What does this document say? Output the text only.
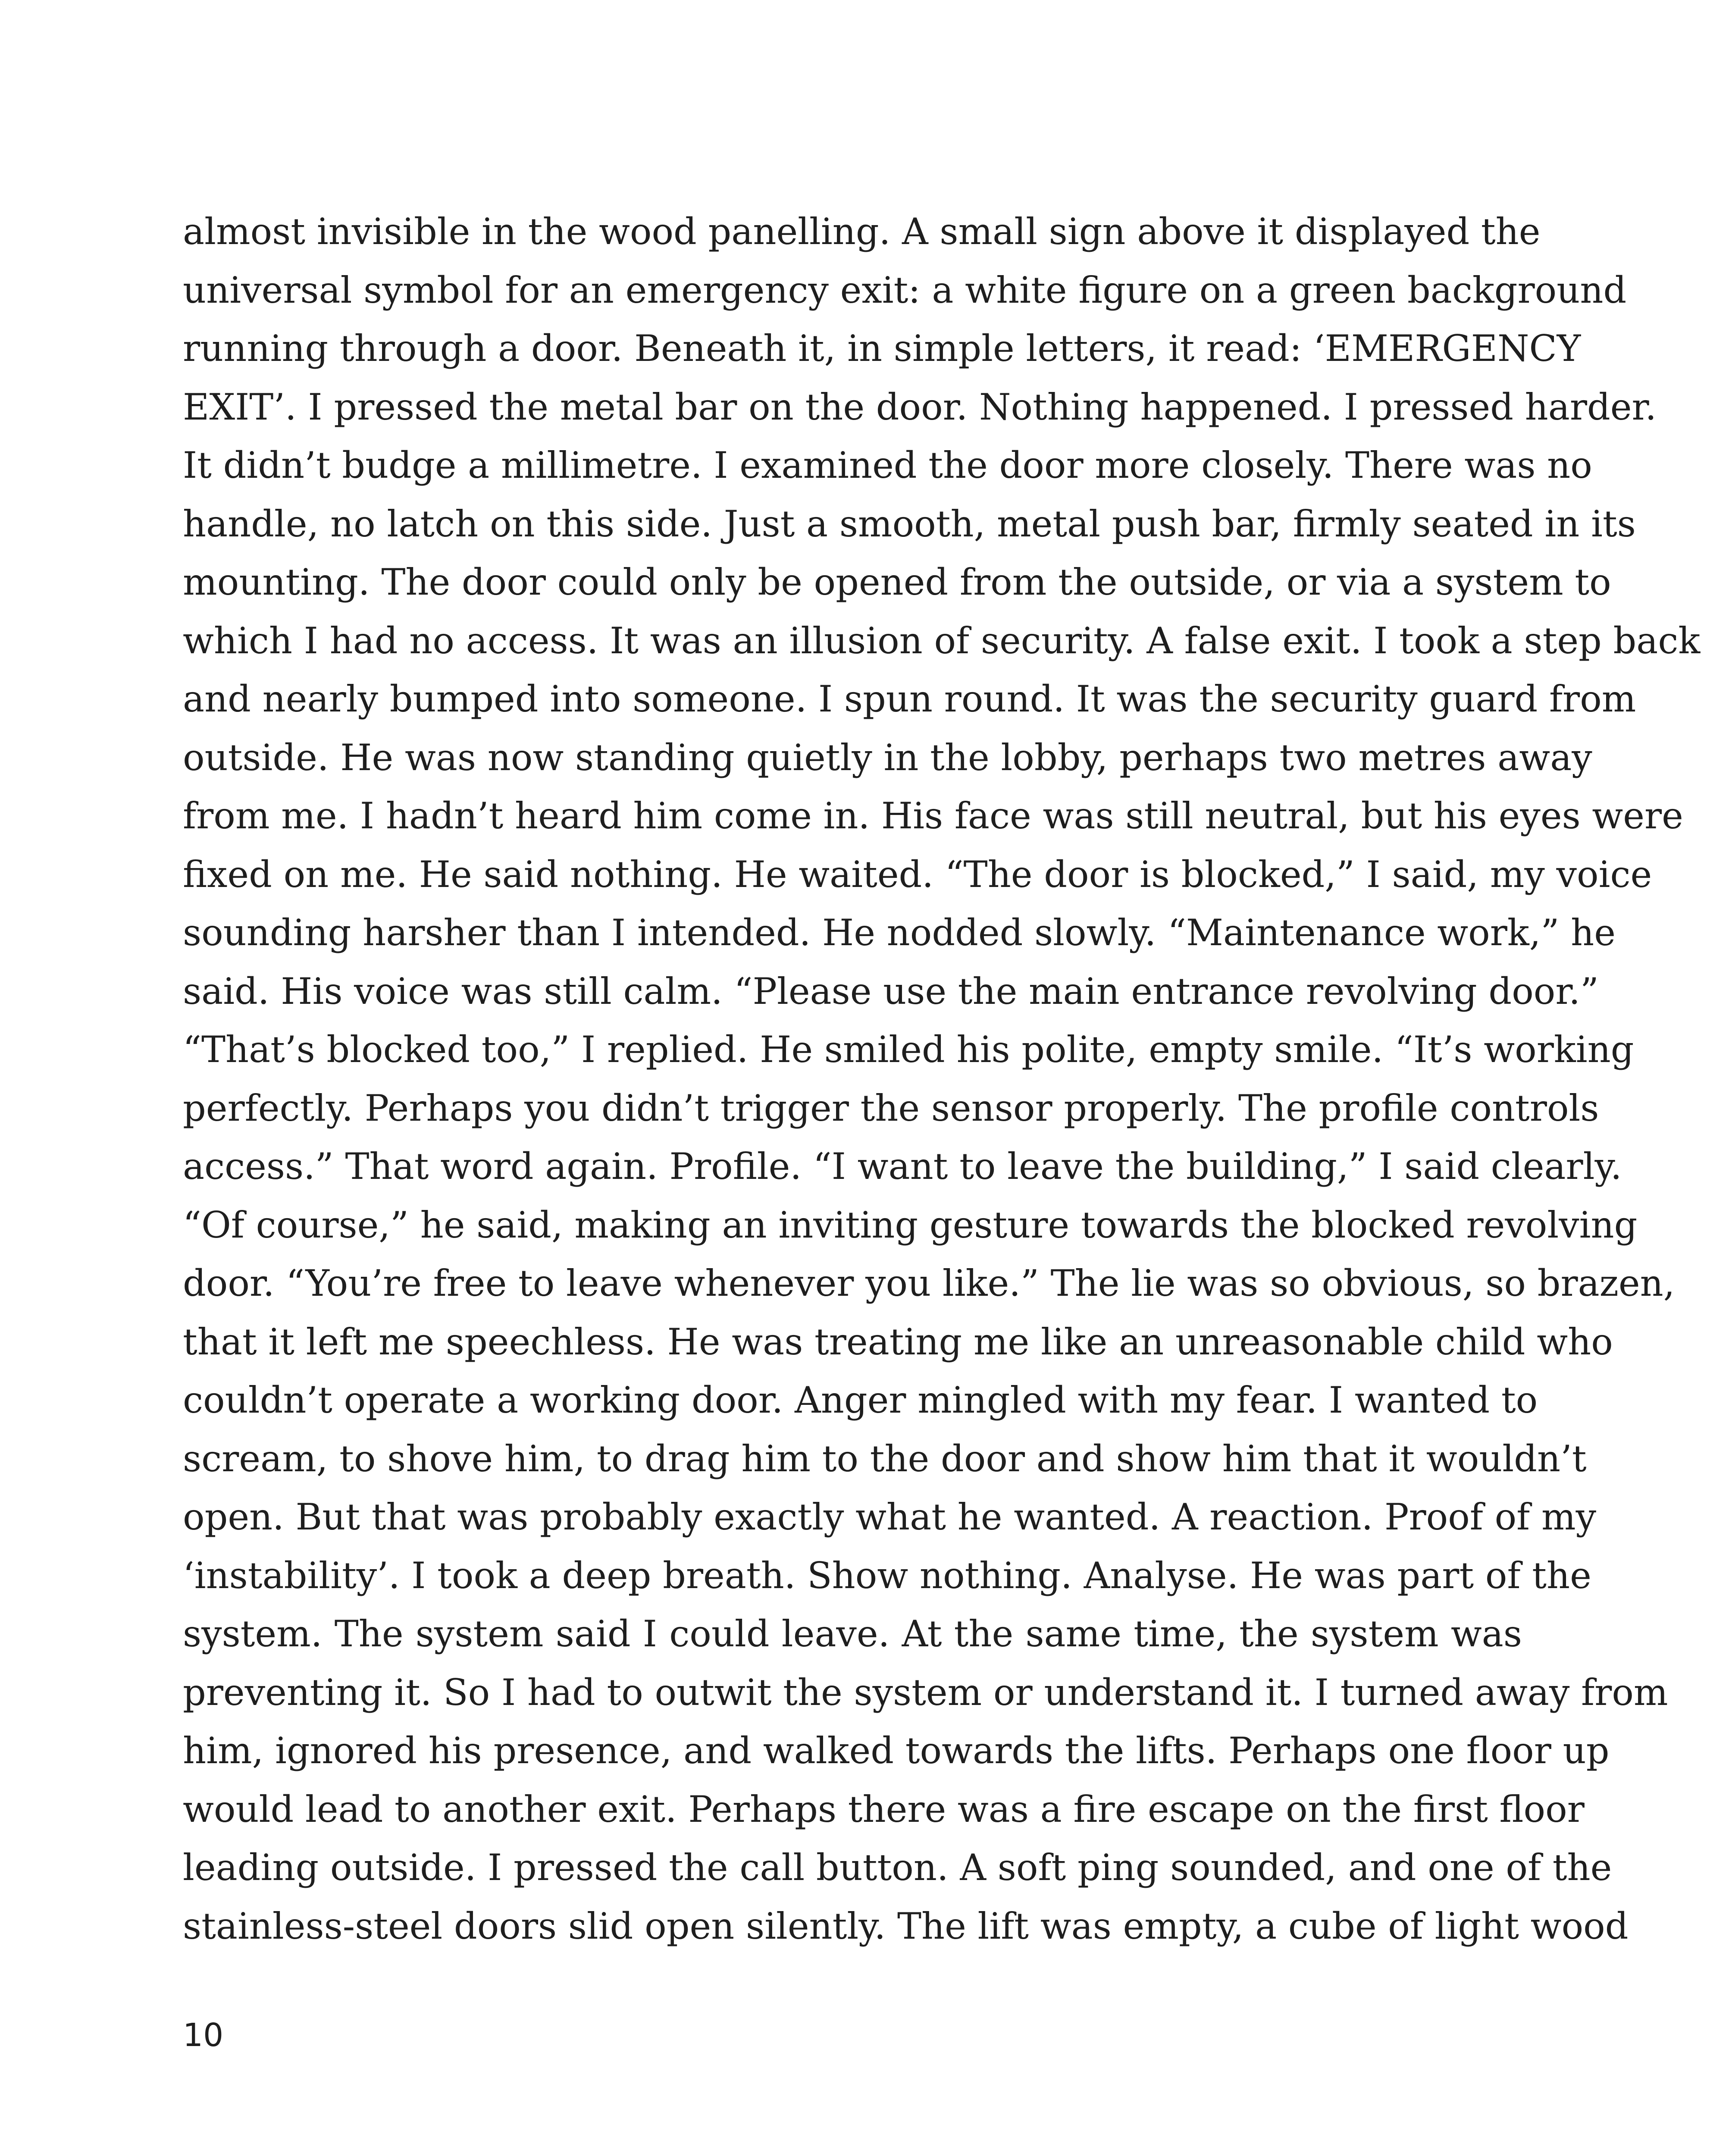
almost invisible in the wood panelling. A small sign above it displayed the
universal symbol for an emergency exit: a white figure on a green background
running through a door. Beneath it, in simple letters, it read: ‘EMERGENCY
EXIT’. I pressed the metal bar on the door. Nothing happened. I pressed harder.
It didn’t budge a millimetre. I examined the door more closely. There was no
handle, no latch on this side. Just a smooth, metal push bar, firmly seated in its
mounting. The door could only be opened from the outside, or via a system to
which I had no access. It was an illusion of security. A false exit. I took a step back
and nearly bumped into someone. I spun round. It was the security guard from
outside. He was now standing quietly in the lobby, perhaps two metres away
from me. I hadn’t heard him come in. His face was still neutral, but his eyes were
fixed on me. He said nothing. He waited. “The door is blocked,” I said, my voice
sounding harsher than I intended. He nodded slowly. “Maintenance work,” he
said. His voice was still calm. “Please use the main entrance revolving door.”
“That’s blocked too,” I replied. He smiled his polite, empty smile. “It’s working
perfectly. Perhaps you didn’t trigger the sensor properly. The profile controls
access.” That word again. Profile. “I want to leave the building,” I said clearly.
“Of course,” he said, making an inviting gesture towards the blocked revolving
door. “You’re free to leave whenever you like.” The lie was so obvious, so brazen,
that it left me speechless. He was treating me like an unreasonable child who
couldn’t operate a working door. Anger mingled with my fear. I wanted to
scream, to shove him, to drag him to the door and show him that it wouldn’t
open. But that was probably exactly what he wanted. A reaction. Proof of my
‘instability’. I took a deep breath. Show nothing. Analyse. He was part of the
system. The system said I could leave. At the same time, the system was
preventing it. So I had to outwit the system or understand it. I turned away from
him, ignored his presence, and walked towards the lifts. Perhaps one floor up
would lead to another exit. Perhaps there was a fire escape on the first floor
leading outside. I pressed the call button. A soft ping sounded, and one of the
stainless-steel doors slid open silently. The lift was empty, a cube of light wood
10
